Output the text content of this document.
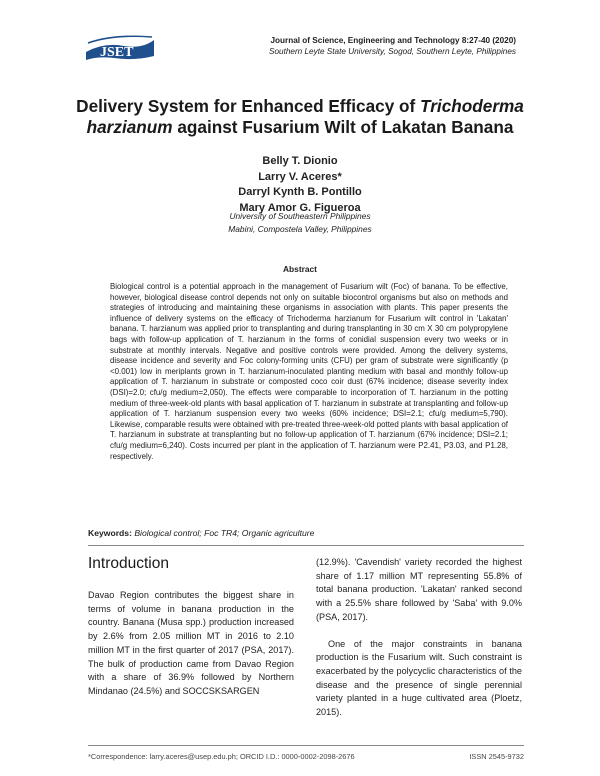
JSET
Journal of Science, Engineering and Technology 8:27-40 (2020)
Southern Leyte State University, Sogod, Southern Leyte, Philippines
Delivery System for Enhanced Efficacy of Trichoderma
harzianum against Fusarium Wilt of Lakatan Banana
Belly T. Dionio
Larry V. Aceres*
Darryl Kynth B. Pontillo
Mary Amor G. Figueroa
University of Southeastern Philippines
Mabini, Compostela Valley, Philippines
Abstract

Biological control is a potential approach in the management of Fusarium wilt (Foc) of banana. To be effective, however, biological disease control depends not only on suitable biocontrol organisms but also on methods and strategies of introducing and maintaining these organisms in association with plants. This paper presents the influence of delivery systems on the efficacy of Trichoderma harzianum for Fusarium wilt control in 'Lakatan' banana. T. harzianum was applied prior to transplanting and during transplanting in 30 cm X 30 cm polypropylene bags with follow-up application of T. harzianum in the forms of conidial suspension every two weeks or in substrate at monthly intervals. Negative and positive controls were provided. Among the delivery systems, disease incidence and severity and Foc colony-forming units (CFU) per gram of substrate were significantly (p <0.001) low in meriplants grown in T. harzianum-inoculated planting medium with basal and monthly follow-up application of T. harzianum in substrate or composted coco coir dust (67% incidence; disease severity index (DSI)=2.0; cfu/g medium=2,050). The effects were comparable to incorporation of T. harzianum in the potting medium of three-week-old plants with basal application of T. harzianum in substrate at transplanting and follow-up application of T. harzianum suspension every two weeks (60% incidence; DSI=2.1; cfu/g medium=5,790). Likewise, comparable results were obtained with pre-treated three-week-old potted plants with basal application of T. harzianum in substrate at transplanting but no follow-up application of T. harzianum (67% incidence; DSI=2.1; cfu/g medium=6,240). Costs incurred per plant in the application of T. harzianum were P2.41, P3.03, and P1.28, respectively.

Keywords: Biological control; Foc TR4; Organic agriculture
Introduction

Davao Region contributes the biggest share in terms of volume in banana production in the country. Banana (Musa spp.) production increased by 2.6% from 2.05 million MT in 2016 to 2.10 million MT in the first quarter of 2017 (PSA, 2017). The bulk of production came from Davao Region with a share of 36.9% followed by Northern Mindanao (24.5%) and SOCCSKSARGEN

(12.9%). 'Cavendish' variety recorded the highest share of 1.17 million MT representing 55.8% of total banana production. 'Lakatan' ranked second with a 25.5% share followed by 'Saba' with 9.0% (PSA, 2017).

One of the major constraints in banana production is the Fusarium wilt. Such constraint is exacerbated by the polycyclic characteristics of the disease and the presence of single perennial variety planted in a huge cultivated area (Ploetz, 2015).

*Correspondence: larry.aceres@usep.edu.ph; ORCID I.D.: 0000-0002-2098-2676	ISSN 2545-9732
